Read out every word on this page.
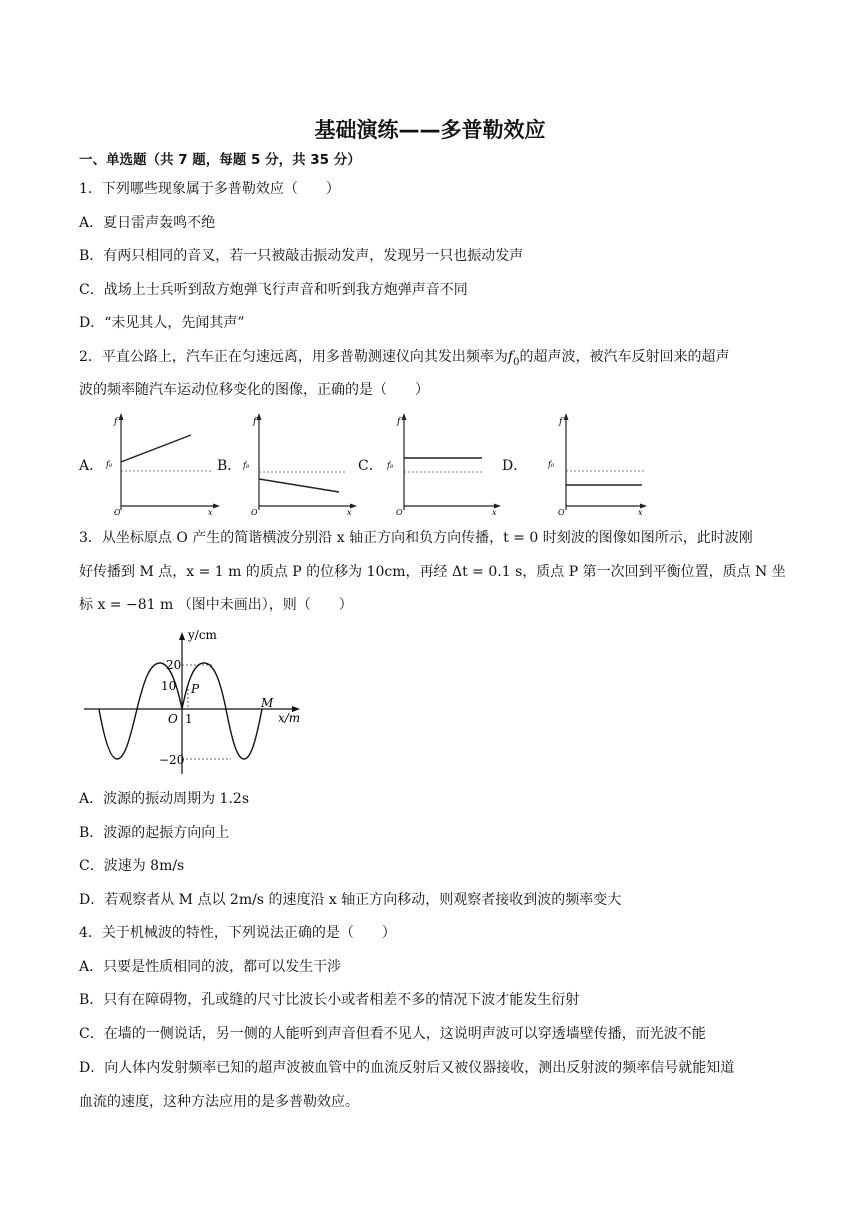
基础演练——多普勒效应
一、单选题（共 7 题，每题 5 分，共 35 分）
1．下列哪些现象属于多普勒效应（　　）
A．夏日雷声轰鸣不绝
B．有两只相同的音叉，若一只被敲击振动发声，发现另一只也振动发声
C．战场上士兵听到敌方炮弹飞行声音和听到我方炮弹声音不同
D．“未见其人，先闻其声”
2．平直公路上，汽车正在匀速远离，用多普勒测速仪向其发出频率为$f_0$的超声波，被汽车反射回来的超声
波的频率随汽车运动位移变化的图像，正确的是（　　）
A．
f
f₀
O	x
B．
f
f₀
O	x
C．
f
f₀
O	x
D．
f
f₀
O	x
3．从坐标原点 O 产生的简谐横波分别沿 x 轴正方向和负方向传播，t = 0 时刻波的图像如图所示，此时波刚
好传播到 M 点，x = 1 m 的质点 P 的位移为 10cm，再经 Δt = 0.1 s，质点 P 第一次回到平衡位置，质点 N 坐
标 x = −81 m （图中未画出），则（　　）
y/cm
x/m
20
10
−20
O 1
P
M
A．波源的振动周期为 1.2s
B．波源的起振方向向上
C．波速为 8m/s
D．若观察者从 M 点以 2m/s 的速度沿 x 轴正方向移动，则观察者接收到波的频率变大
4．关于机械波的特性，下列说法正确的是（　　）
A．只要是性质相同的波，都可以发生干涉
B．只有在障碍物，孔或缝的尺寸比波长小或者相差不多的情况下波才能发生衍射
C．在墙的一侧说话，另一侧的人能听到声音但看不见人，这说明声波可以穿透墙壁传播，而光波不能
D．向人体内发射频率已知的超声波被血管中的血流反射后又被仪器接收，测出反射波的频率信号就能知道
血流的速度，这种方法应用的是多普勒效应。
